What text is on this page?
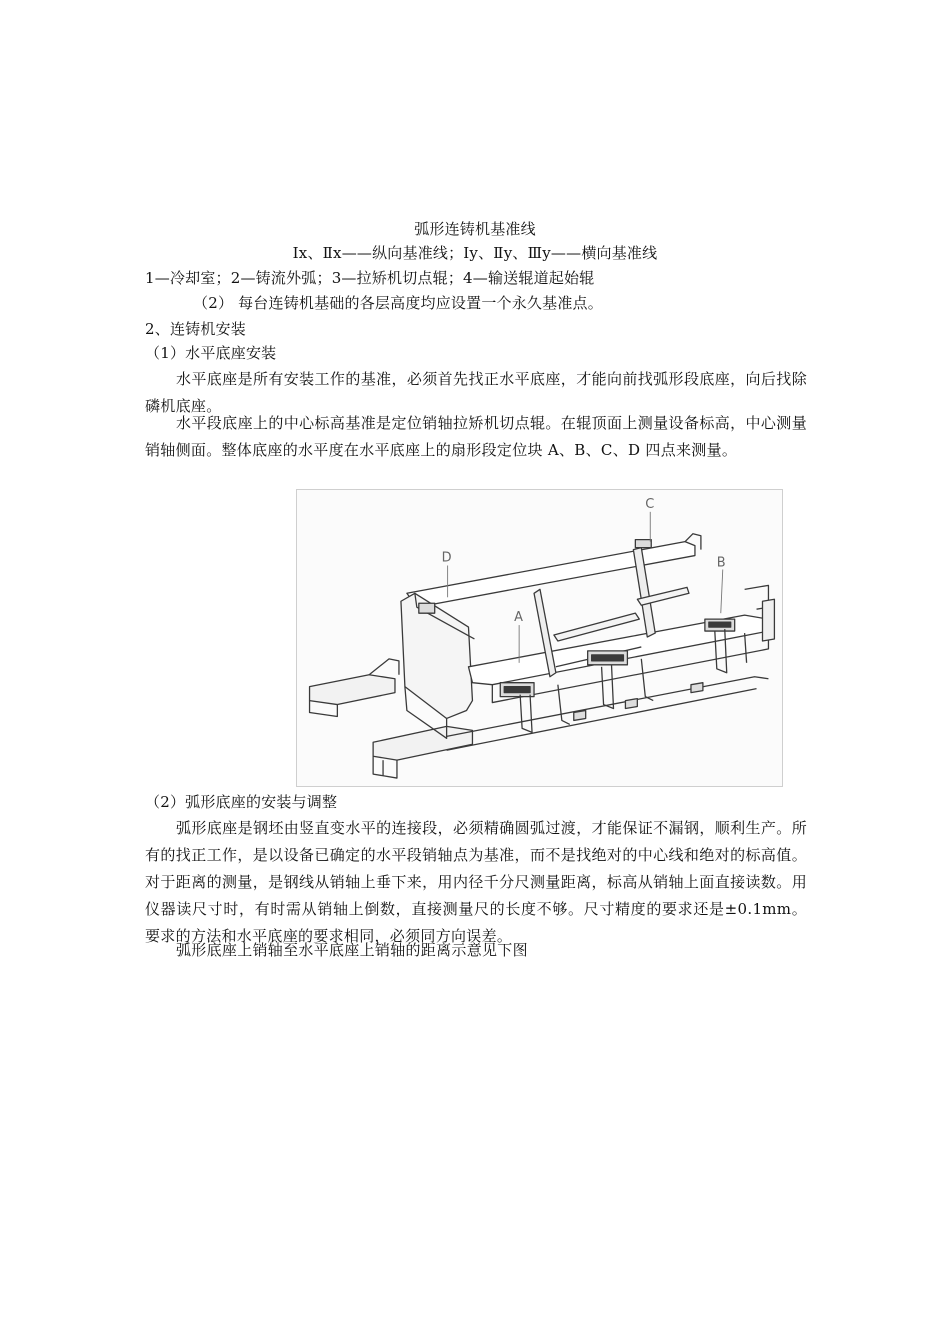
弧形连铸机基准线
Ⅰx、Ⅱx——纵向基准线；Ⅰy、Ⅱy、Ⅲy——横向基准线
1—冷却室；2—铸流外弧；3—拉矫机切点辊；4—输送辊道起始辊
（2） 每台连铸机基础的各层高度均应设置一个永久基准点。
2、连铸机安装
（1）水平底座安装
水平底座是所有安装工作的基准，必须首先找正水平底座，才能向前找弧形段底座，向后找除磷机底座。
水平段底座上的中心标高基准是定位销轴拉矫机切点辊。在辊顶面上测量设备标高，中心测量销轴侧面。整体底座的水平度在水平底座上的扇形段定位块 A、B、C、D 四点来测量。
D
A
C
B
（2）弧形底座的安装与调整
弧形底座是钢坯由竖直变水平的连接段，必须精确圆弧过渡，才能保证不漏钢，顺利生产。所有的找正工作，是以设备已确定的水平段销轴点为基准，而不是找绝对的中心线和绝对的标高值。对于距离的测量，是钢线从销轴上垂下来，用内径千分尺测量距离，标高从销轴上面直接读数。用仪器读尺寸时，有时需从销轴上倒数，直接测量尺的长度不够。尺寸精度的要求还是±0.1mm。要求的方法和水平底座的要求相同，必须同方向误差。
弧形底座上销轴至水平底座上销轴的距离示意见下图
